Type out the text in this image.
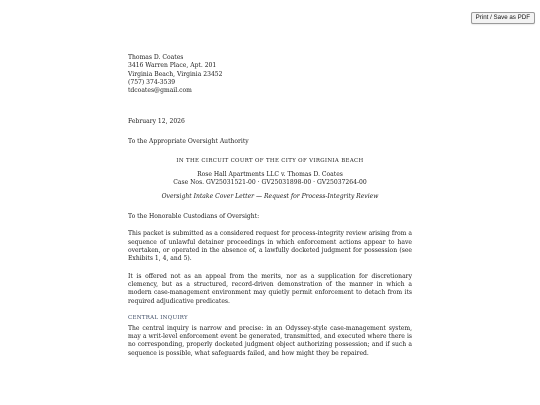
Print / Save as PDF
Thomas D. Coates
3416 Warren Place, Apt. 201
Virginia Beach, Virginia 23452
(757) 374-3539
tdcoates@gmail.com
February 12, 2026
To the Appropriate Oversight Authority
IN THE CIRCUIT COURT OF THE CITY OF VIRGINIA BEACH
Rose Hall Apartments LLC v. Thomas D. Coates
Case Nos. GV25031521-00 · GV25031898-00 · GV25037264-00
Oversight Intake Cover Letter — Request for Process-Integrity Review
To the Honorable Custodians of Oversight:

This packet is submitted as a considered request for process-integrity review arising from a sequence of unlawful detainer proceedings in which enforcement actions appear to have overtaken, or operated in the absence of, a lawfully docketed judgment for possession (see Exhibits 1, 4, and 5).

It is offered not as an appeal from the merits, nor as a supplication for discretionary clemency, but as a structured, record-driven demonstration of the manner in which a modern case-management environment may quietly permit enforcement to detach from its required adjudicative predicates.

CENTRAL INQUIRY

The central inquiry is narrow and precise: in an Odyssey-style case-management system, may a writ-level enforcement event be generated, transmitted, and executed where there is no corresponding, properly docketed judgment object authorizing possession; and if such a sequence is possible, what safeguards failed, and how might they be repaired.
